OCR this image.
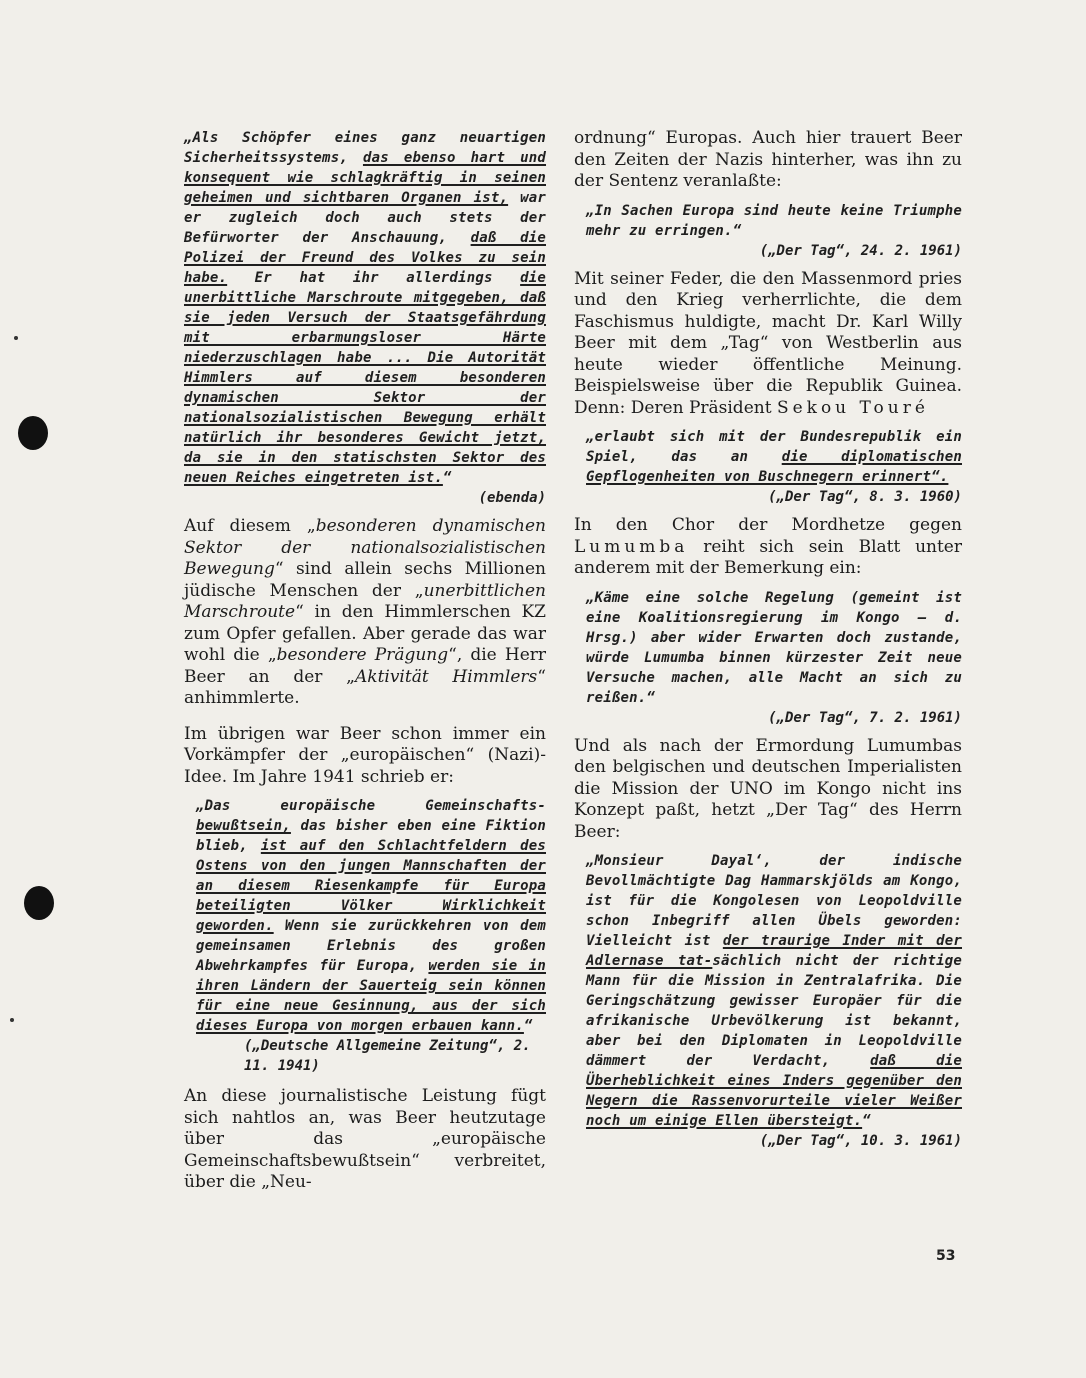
„Als Schöpfer eines ganz neuartigen Sicherheitssystems, das ebenso hart und konsequent wie schlagkräftig in seinen geheimen und sichtbaren Organen ist, war er zugleich doch auch stets der Befürworter der Anschauung, daß die Polizei der Freund des Volkes zu sein habe. Er hat ihr allerdings die unerbittliche Marschroute mitgegeben, daß sie jeden Versuch der Staatsgefährdung mit erbarmungsloser Härte niederzuschlagen habe ... Die Autorität Himmlers auf diesem besonderen dynamischen Sektor der nationalsozialistischen Bewegung erhält natürlich ihr besonderes Gewicht jetzt, da sie in den statischsten Sektor des neuen Reiches eingetreten ist.“

(ebenda)

Auf diesem „besonderen dynamischen Sektor der nationalsozialistischen Bewegung“ sind allein sechs Millionen jüdische Menschen der „unerbittlichen Marschroute“ in den Himmlerschen KZ zum Opfer gefallen. Aber gerade das war wohl die „besondere Prägung“, die Herr Beer an der „Aktivität Himmlers“ anhimmlerte.

Im übrigen war Beer schon immer ein Vorkämpfer der „europäischen“ (Nazi)-Idee. Im Jahre 1941 schrieb er:

„Das europäische Gemeinschafts- bewußtsein, das bisher eben eine Fiktion blieb, ist auf den Schlachtfeldern des Ostens von den jungen Mannschaften der an diesem Riesenkampfe für Europa beteiligten Völker Wirklichkeit geworden. Wenn sie zurückkehren von dem gemeinsamen Erlebnis des großen Abwehrkampfes für Europa, werden sie in ihren Ländern der Sauerteig sein können für eine neue Gesinnung, aus der sich dieses Europa von morgen erbauen kann.“

(„Deutsche Allgemeine Zeitung“, 2. 11. 1941)

An diese journalistische Leistung fügt sich nahtlos an, was Beer heutzutage über das „europäische Gemeinschaftsbewußtsein“ verbreitet, über die „Neu-

ordnung“ Europas. Auch hier trauert Beer den Zeiten der Nazis hinterher, was ihn zu der Sentenz veranlaßte:

„In Sachen Europa sind heute keine Triumphe mehr zu erringen.“

(„Der Tag“, 24. 2. 1961)

Mit seiner Feder, die den Massenmord pries und den Krieg verherrlichte, die dem Faschismus huldigte, macht Dr. Karl Willy Beer mit dem „Tag“ von Westberlin aus heute wieder öffentliche Meinung. Beispielsweise über die Republik Guinea. Denn: Deren Präsident Sekou Touré

„erlaubt sich mit der Bundesrepublik ein Spiel, das an die diplomatischen Gepflogenheiten von Buschnegern erinnert“.

(„Der Tag“, 8. 3. 1960)

In den Chor der Mordhetze gegen Lumumba reiht sich sein Blatt unter anderem mit der Bemerkung ein:

„Käme eine solche Regelung (gemeint ist eine Koalitionsregierung im Kongo — d. Hrsg.) aber wider Erwarten doch zustande, würde Lumumba binnen kürzester Zeit neue Versuche machen, alle Macht an sich zu reißen.“

(„Der Tag“, 7. 2. 1961)

Und als nach der Ermordung Lumumbas den belgischen und deutschen Imperialisten die Mission der UNO im Kongo nicht ins Konzept paßt, hetzt „Der Tag“ des Herrn Beer:

„Monsieur Dayal‘, der indische Bevollmächtigte Dag Hammarskjölds am Kongo, ist für die Kongolesen von Leopoldville schon Inbegriff allen Übels geworden: Vielleicht ist der traurige Inder mit der Adlernase tat-sächlich nicht der richtige Mann für die Mission in Zentralafrika. Die Geringschätzung gewisser Europäer für die afrikanische Urbevölkerung ist bekannt, aber bei den Diplomaten in Leopoldville dämmert der Verdacht, daß die Überheblichkeit eines Inders gegenüber den Negern die Rassenvorurteile vieler Weißer noch um einige Ellen übersteigt.“

(„Der Tag“, 10. 3. 1961)

53
